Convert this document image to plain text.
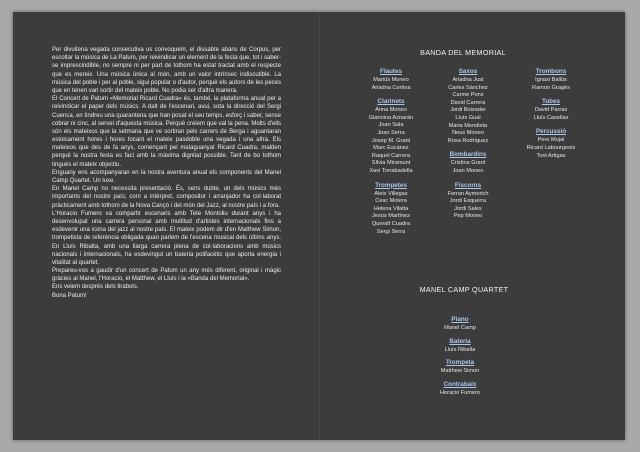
Per divuitena vegada consecutiva us convoquem, el dissabte abans de Corpus, per escoltar la música de La Patum, per reivindicar un element de la festa que, tot i saber-se imprescindible, no sempre ni per part de tothom ha estat tractat amb el respecte que es mereix. Una música única al món, amb un valor intrínsec indiscutible. La música del poble i per al poble, sigui popular o d'autor, perquè els autors de les peces que en tenen van sortir del mateix poble. No podia ser d'altra manera.

El Concert de Patum «Memorial Ricard Cuadra» és, també, la plataforma anual per a reivindicar el paper dels músics. A dalt de l'escenari, avui, sota la direcció del Sergi Cuenca, en tindreu una quarantena que han posat el seu temps, esforç i saber, sense cobrar ni cinc, al servei d'aquesta música. Perquè creiem que val la pena. Molts d'ells són els mateixos que la setmana que ve sortiran pels carrers de Berga i aguantaran estoicament hores i hores tocant el mateix pasdoble una vegada i una altra. Els mateixos que des de fa anys, començant pel malaguanyat Ricard Cuadra, malden perquè la nostra festa es faci amb la màxima dignitat possible. Tant de bo tothom tingués el mateix objectiu.

Enguany ens acompanyaran en la nostra aventura anual els components del Manel Camp Quartet. Un luxe.

En Manel Camp no necessita presentació. És, sens dubte, un dels músics més importants del nostre país; com a intèrpret, compositor i arranjador ha col·laborat pràcticament amb tothom de la Nova Cançó i del món del Jazz, al nostre país i a fora.

L'Horacio Fumero va compartir escenaris amb Tete Montoliu durant anys i ha desenvolupat una carrera personal amb multitud d'artistes internacionals fins a esdevenir una icona del jazz al nostre país. El mateix podem dir d'en Matthew Simon, trompetista de referència obligada quan parlem de l'escena musical dels últims anys. En Lluís Ribalta, amb una llarga carrera plena de col·laboracions amb músics nacionals i internacionals, ha esdevingut un bateria polifacètic que aporta energia i vitalitat al quartet.

Prepareu-vos a gaudir d'un concert de Patum un any més diferent, original i màgic gràcies al Manel, l'Horacio, el Matthew, el Lluís i la «Banda del Memorial».

Ens veiem després dels tirabols.

Bona Patum!

BANDA DEL MEMORIAL
Flautes
Mariùs Moneo
Ariadna Cortina
Clarinets
Anna Moneo
Giannina Aznarán
Joan Sala
Joan Serra
Josep M. Grant
Marc Escánez
Raquel Carrera
Sílvia Miramunt
Xavi Torrabadella
Trompetes
Aleix Villegas
Cesc Molera
Helena Vilalta
Jesús Martínez
Queralt Cuadra
Sergi Serra
Saxos
Ariadna Just
Carles Sànchez
Carme Pons
David Carrera
Jordi Boixader
Lluís Gual
Maria Mendieta
Neus Moneo
Rosa Rodríguez
Bombardins
Cristina Grant
Joan Moneo
Fiscorns
Ferran Aymerich
Jordi Esquerra
Jordi Sales
Pep Moneo
Trombons
Ignasi Ballús
Ramon Gragés
Tubes
David Parras
Lluís Casellas
Percussió
Pere Mujal
Ricard Labourgeois
Toni Artigas
MANEL CAMP QUARTET
Piano
Manel Camp
Bateria
Lluís Ribalta
Trompeta
Matthew Simon
Contrabaix
Horacio Fumero
